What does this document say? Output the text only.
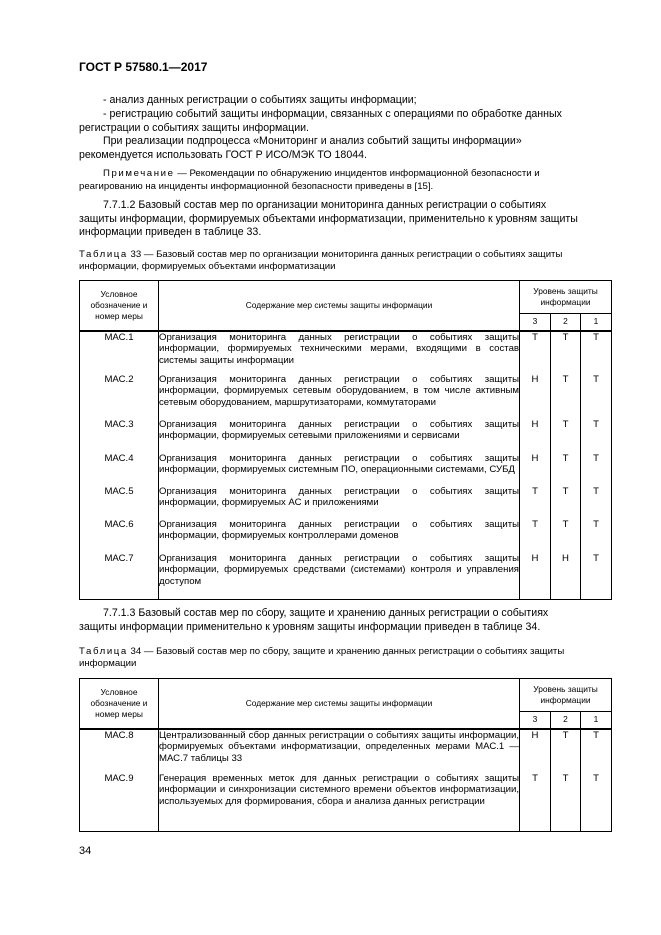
ГОСТ Р 57580.1—2017

- анализ данных регистрации о событиях защиты информации;

- регистрацию событий защиты информации, связанных с операциями по обработке данных регистрации о событиях защиты информации.

При реализации подпроцесса «Мониторинг и анализ событий защиты информации» рекомендуется использовать ГОСТ Р ИСО/МЭК ТО 18044.

Примечание — Рекомендации по обнаружению инцидентов информационной безопасности и реагированию на инциденты информационной безопасности приведены в [15].

7.7.1.2 Базовый состав мер по организации мониторинга данных регистрации о событиях защиты информации, формируемых объектами информатизации, применительно к уровням защиты информации приведен в таблице 33.

Таблица 33 — Базовый состав мер по организации мониторинга данных регистрации о событиях защиты информации, формируемых объектами информатизации

Условное обозначение и номер меры	Содержание мер системы защиты информации	Уровень защиты информации		
		3	2	1
МАС.1	Организация мониторинга данных регистрации о событиях защиты информации, формируемых техническими мерами, входящими в состав системы защиты информации	Т	Т	Т
МАС.2	Организация мониторинга данных регистрации о событиях защиты информации, формируемых сетевым оборудованием, в том числе активным сетевым оборудованием, маршрутизаторами, коммутаторами	Н	Т	Т
МАС.3	Организация мониторинга данных регистрации о событиях защиты информации, формируемых сетевыми приложениями и сервисами	Н	Т	Т
МАС.4	Организация мониторинга данных регистрации о событиях защиты информации, формируемых системным ПО, операционными системами, СУБД	Н	Т	Т
МАС.5	Организация мониторинга данных регистрации о событиях защиты информации, формируемых АС и приложениями	Т	Т	Т
МАС.6	Организация мониторинга данных регистрации о событиях защиты информации, формируемых контроллерами доменов	Т	Т	Т
МАС.7	Организация мониторинга данных регистрации о событиях защиты информации, формируемых средствами (системами) контроля и управления доступом	Н	Н	Т

7.7.1.3 Базовый состав мер по сбору, защите и хранению данных регистрации о событиях защиты информации применительно к уровням защиты информации приведен в таблице 34.

Таблица 34 — Базовый состав мер по сбору, защите и хранению данных регистрации о событиях защиты информации

Условное обозначение и номер меры	Содержание мер системы защиты информации	Уровень защиты информации		
		3	2	1
МАС.8	Централизованный сбор данных регистрации о событиях защиты информации, формируемых объектами информатизации, определенных мерами МАС.1 — МАС.7 таблицы 33	Н	Т	Т
МАС.9	Генерация временных меток для данных регистрации о событиях защиты информации и синхронизации системного времени объектов информатизации, используемых для формирования, сбора и анализа данных регистрации	Т	Т	Т
34
